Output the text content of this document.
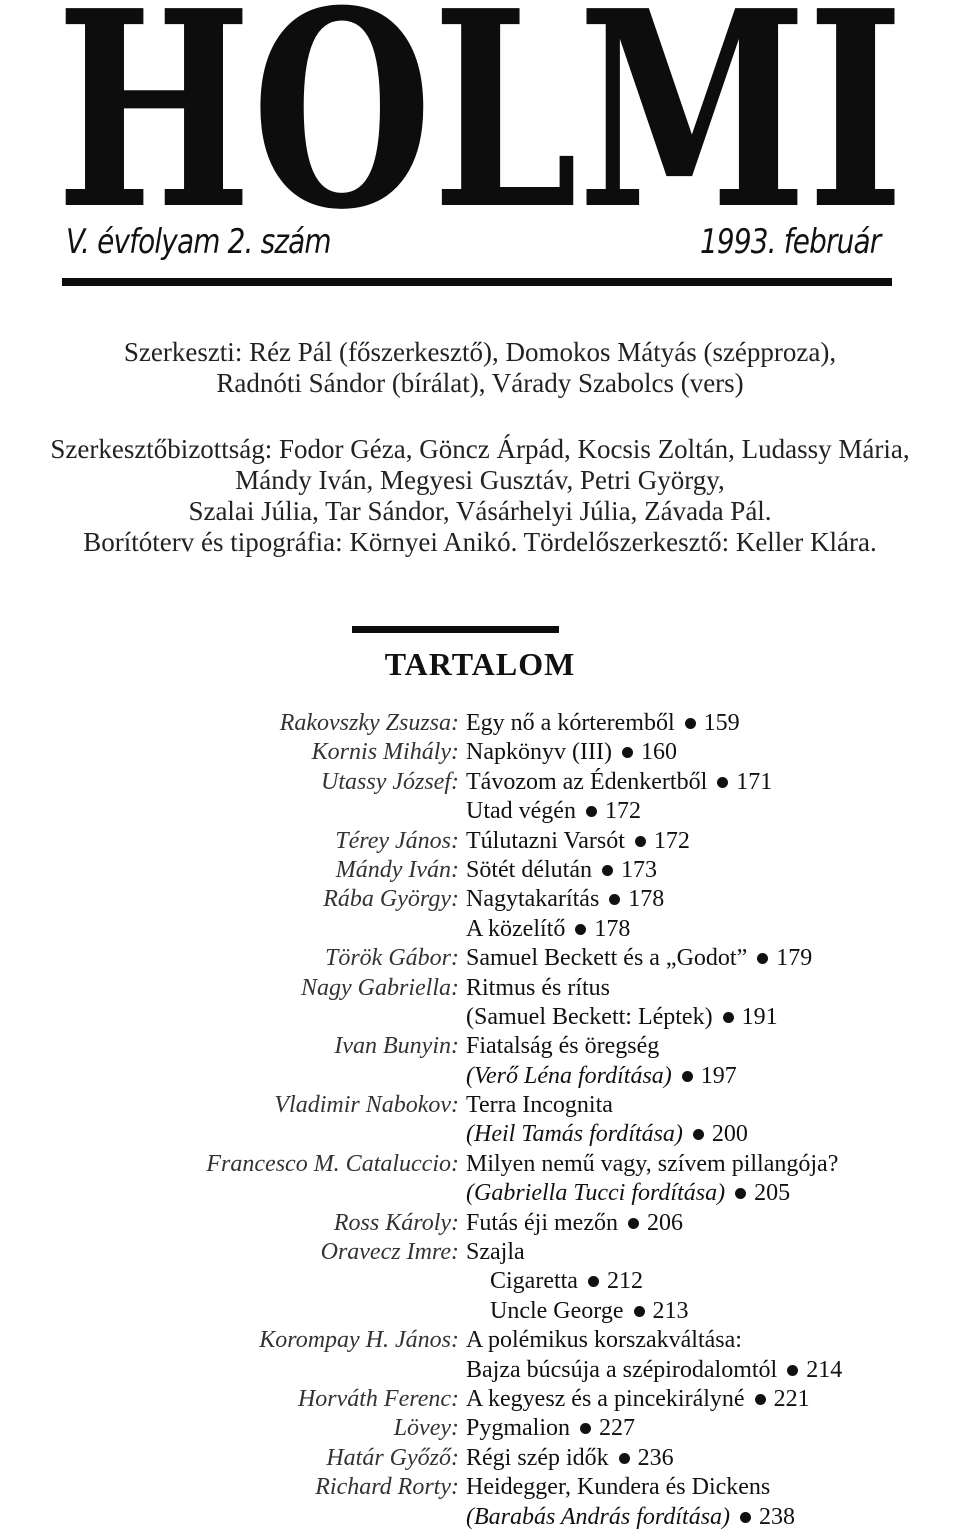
HOLMI
V. évfolyam 2. szám	1993. február
Szerkeszti: Réz Pál (főszerkesztő), Domokos Mátyás (szépproza),
Radnóti Sándor (bírálat), Várady Szabolcs (vers)
Szerkesztőbizottság: Fodor Géza, Göncz Árpád, Kocsis Zoltán, Ludassy Mária,
Mándy Iván, Megyesi Gusztáv, Petri György,
Szalai Júlia, Tar Sándor, Vásárhelyi Júlia, Závada Pál.
Borítóterv és tipográfia: Környei Anikó. Tördelőszerkesztő: Keller Klára.
TARTALOM
Rakovszky Zsuzsa: Egy nő a kórteremből 159
Kornis Mihály: Napkönyv (III) 160
Utassy József: Távozom az Édenkertből 171
Utad végén 172
Térey János: Túlutazni Varsót 172
Mándy Iván: Sötét délután 173
Rába György: Nagytakarítás 178
A közelítő 178
Török Gábor: Samuel Beckett és a „Godot” 179
Nagy Gabriella: Ritmus és rítus
(Samuel Beckett: Léptek) 191
Ivan Bunyin: Fiatalság és öregség
(Verő Léna fordítása) 197
Vladimir Nabokov: Terra Incognita
(Heil Tamás fordítása) 200
Francesco M. Cataluccio: Milyen nemű vagy, szívem pillangója?
(Gabriella Tucci fordítása) 205
Ross Károly: Futás éji mezőn 206
Oravecz Imre: Szajla
Cigaretta 212
Uncle George 213
Korompay H. János: A polémikus korszakváltása:
Bajza búcsúja a szépirodalomtól 214
Horváth Ferenc: A kegyesz és a pincekirályné 221
Lövey: Pygmalion 227
Határ Győző: Régi szép idők 236
Richard Rorty: Heidegger, Kundera és Dickens
(Barabás András fordítása) 238
